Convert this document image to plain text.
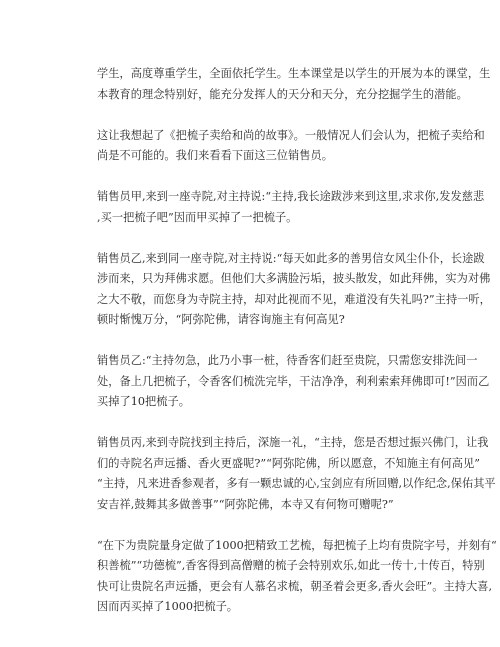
学生，高度尊重学生，全面依托学生。生本课堂是以学生的开展为本的课堂，生
本教育的理念特别好，能充分发挥人的天分和天分，充分挖掘学生的潜能。

这让我想起了《把梳子卖给和尚的故事》。一般情况人们会认为，把梳子卖给和
尚是不可能的。我们来看看下面这三位销售员。

销售员甲,来到一座寺院,对主持说:“主持,我长途跋涉来到这里,求求你,发发慈悲
,买一把梳子吧”因而甲买掉了一把梳子。

销售员乙,来到同一座寺院,对主持说:“每天如此多的善男信女风尘仆仆，长途跋
涉而来，只为拜佛求愿。但他们大多满脸污垢，披头散发，如此拜佛，实为对佛
之大不敬，而您身为寺院主持，却对此视而不见，难道没有失礼吗?”主持一听，
顿时惭愧万分，“阿弥陀佛，请容询施主有何高见?

销售员乙:“主持勿急，此乃小事一桩，待香客们赶至贵院，只需您安排洗间一
处，备上几把梳子，令香客们梳洗完毕，干洁净净，利利索索拜佛即可!”因而乙
买掉了10把梳子。

销售员丙,来到寺院找到主持后，深施一礼，“主持，您是否想过振兴佛门，让我
们的寺院名声远播、香火更盛呢?”“阿弥陀佛，所以愿意，不知施主有何高见”
“主持，凡来进香参观者，多有一颗忠诚的心,宝剑应有所回赠,以作纪念,保佑其平
安吉祥,鼓舞其多做善事”“阿弥陀佛，本寺又有何物可赠呢?”

“在下为贵院量身定做了1000把精致工艺梳，每把梳子上均有贵院字号，并刻有“
积善梳”“功德梳”,香客得到高僧赠的梳子会特别欢乐,如此一传十,十传百，特别
快可让贵院名声远播，更会有人慕名求梳，朝圣着会更多,香火会旺”。主持大喜,
因而丙买掉了1000把梳子。
